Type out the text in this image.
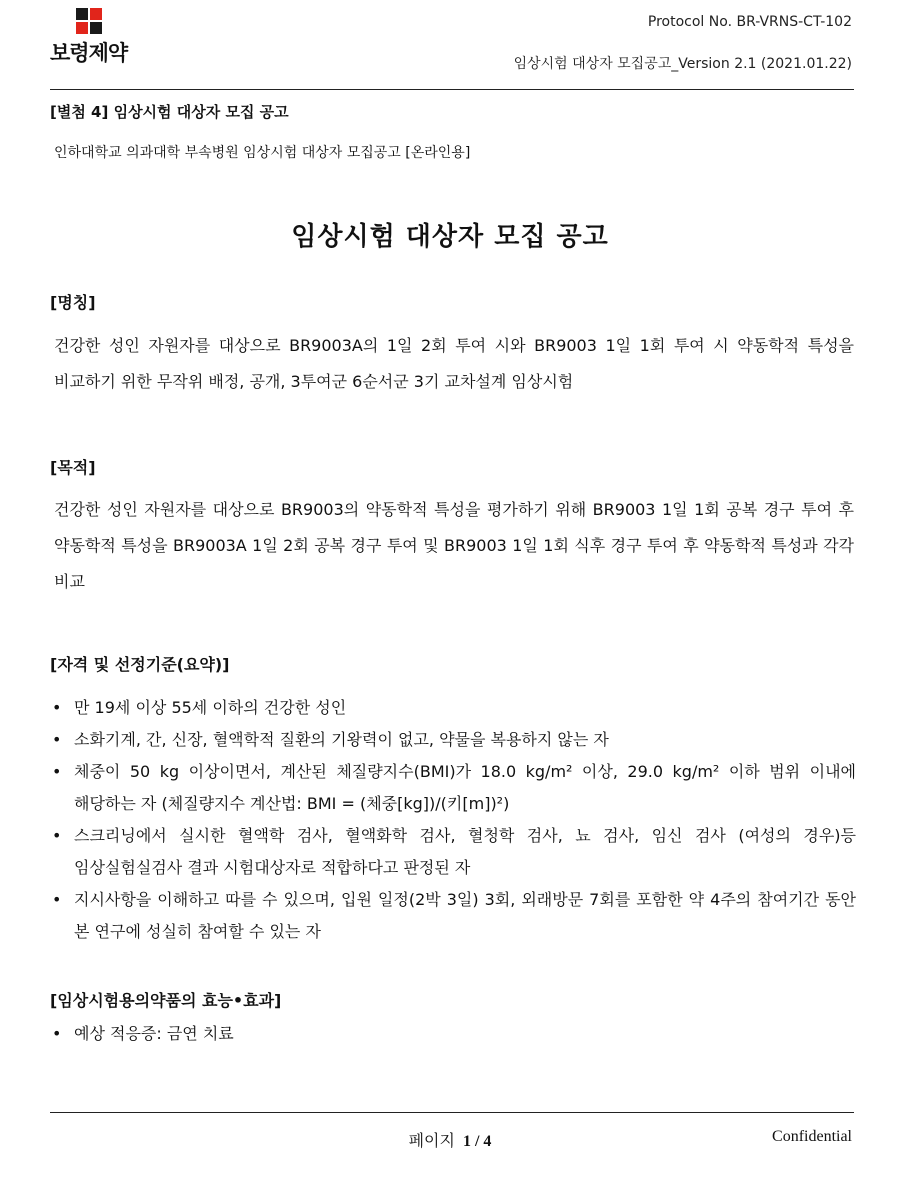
보령제약
Protocol No. BR-VRNS-CT-102
임상시험 대상자 모집공고_Version 2.1 (2021.01.22)
[별첨 4] 임상시험 대상자 모집 공고
인하대학교 의과대학 부속병원 임상시험 대상자 모집공고 [온라인용]
임상시험 대상자 모집 공고
[명칭]
건강한 성인 자원자를 대상으로 BR9003A의 1일 2회 투여 시와 BR9003 1일 1회 투여 시 약동학적 특성을 비교하기 위한 무작위 배정, 공개, 3투여군 6순서군 3기 교차설계 임상시험
[목적]
건강한 성인 자원자를 대상으로 BR9003의 약동학적 특성을 평가하기 위해 BR9003 1일 1회 공복 경구 투여 후 약동학적 특성을 BR9003A 1일 2회 공복 경구 투여 및 BR9003 1일 1회 식후 경구 투여 후 약동학적 특성과 각각 비교
[자격 및 선정기준(요약)]
• 만 19세 이상 55세 이하의 건강한 성인
• 소화기계, 간, 신장, 혈액학적 질환의 기왕력이 없고, 약물을 복용하지 않는 자
• 체중이 50 kg 이상이면서, 계산된 체질량지수(BMI)가 18.0 kg/m² 이상, 29.0 kg/m² 이하 범위 이내에 해당하는 자 (체질량지수 계산법: BMI = (체중[kg])/(키[m])²)
• 스크리닝에서 실시한 혈액학 검사, 혈액화학 검사, 혈청학 검사, 뇨 검사, 임신 검사 (여성의 경우)등 임상실험실검사 결과 시험대상자로 적합하다고 판정된 자
• 지시사항을 이해하고 따를 수 있으며, 입원 일정(2박 3일) 3회, 외래방문 7회를 포함한 약 4주의 참여기간 동안 본 연구에 성실히 참여할 수 있는 자
[임상시험용의약품의 효능•효과]
• 예상 적응증: 금연 치료
페이지 1 / 4	Confidential
